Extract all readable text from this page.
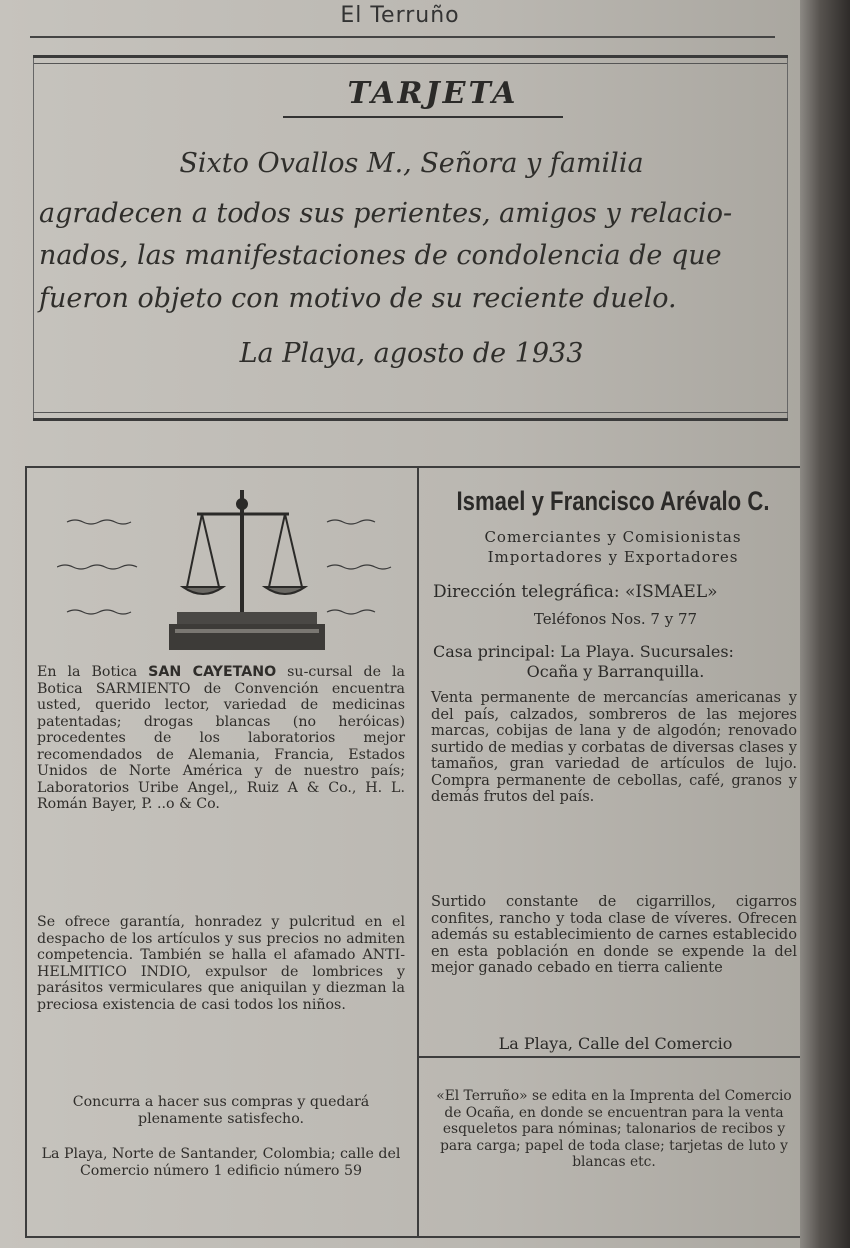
El Terruño
TARJETA
Sixto Ovallos M., Señora y familia
agradecen a todos sus perientes, amigos y relacio-
nados, las manifestaciones de condolencia de que
fueron objeto con motivo de su reciente duelo.
La Playa, agosto de 1933
En la Botica SAN CAYETANO su-cursal de la Botica SARMIENTO de Convención encuentra usted, querido lector, variedad de medicinas patentadas; drogas blancas (no heróicas) procedentes de los laboratorios mejor recomendados de Alemania, Francia, Estados Unidos de Norte América y de nuestro país; Laboratorios Uribe Angel,, Ruiz A & Co., H. L. Román Bayer, P. ..o & Co.
Se ofrece garantía, honradez y pulcritud en el despacho de los artículos y sus precios no admiten competencia. También se halla el afamado ANTI-HELMITICO INDIO, expulsor de lombrices y parásitos vermiculares que aniquilan y diezman la preciosa existencia de casi todos los niños.
Concurra a hacer sus compras y quedará plenamente satisfecho.
La Playa, Norte de Santander, Colombia; calle del Comercio número 1 edificio número 59
Ismael y Francisco Arévalo C.
Comerciantes y Comisionistas
Importadores y Exportadores
Dirección telegráfica: «ISMAEL»
Teléfonos Nos. 7 y 77
Casa principal: La Playa. Sucursales:
Ocaña y Barranquilla.
Venta permanente de mercancías americanas y del país, calzados, sombreros de las mejores marcas, cobijas de lana y de algodón; renovado surtido de medias y corbatas de diversas clases y tamaños, gran variedad de artículos de lujo. Compra permanente de cebollas, café, granos y demás frutos del país.
Surtido constante de cigarrillos, cigarros confites, rancho y toda clase de víveres. Ofrecen además su establecimiento de carnes establecido en esta población en donde se expende la del mejor ganado cebado en tierra caliente
La Playa, Calle del Comercio
«El Terruño» se edita en la Imprenta del Comercio de Ocaña, en donde se encuentran para la venta esqueletos para nóminas; talonarios de recibos y para carga; papel de toda clase; tarjetas de luto y blancas etc.
